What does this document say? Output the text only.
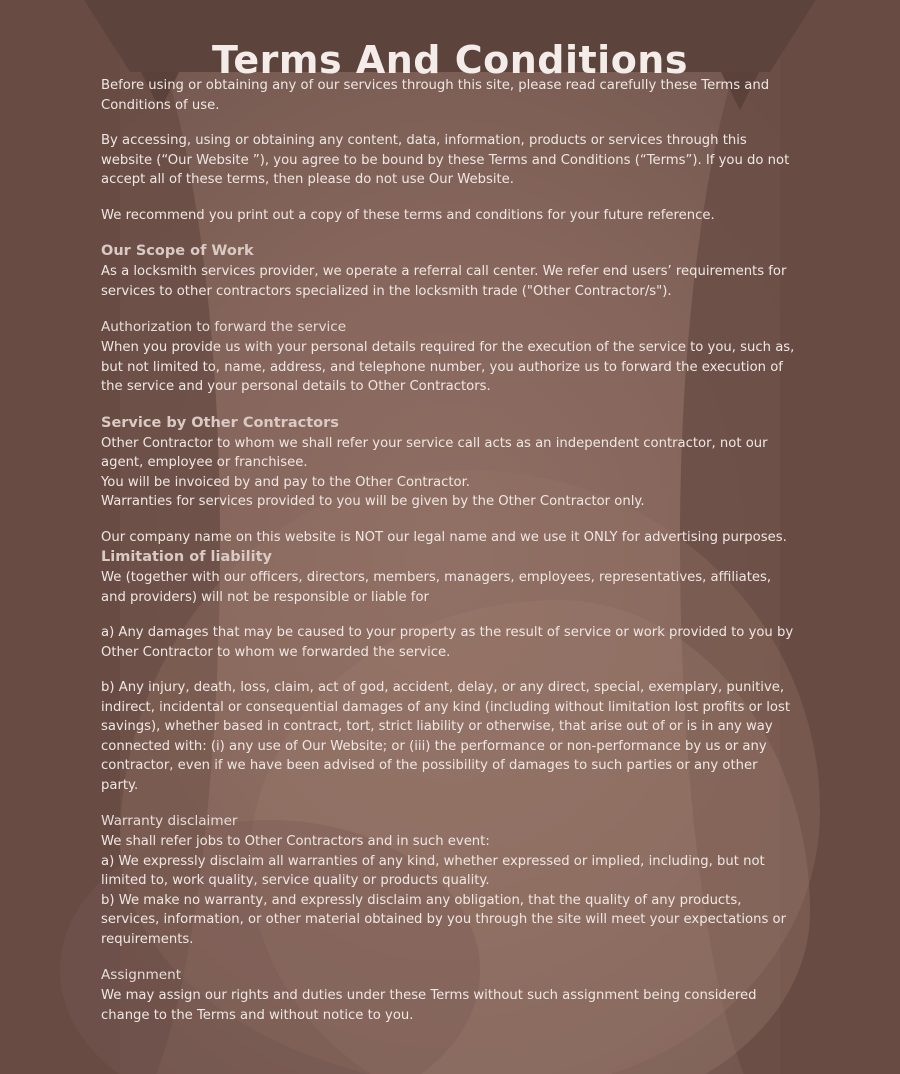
Terms And Conditions

Before using or obtaining any of our services through this site, please read carefully these Terms and Conditions of use.

By accessing, using or obtaining any content, data, information, products or services through this website (“Our Website ”), you agree to be bound by these Terms and Conditions (“Terms”). If you do not accept all of these terms, then please do not use Our Website.

We recommend you print out a copy of these terms and conditions for your future reference.

Our Scope of Work

As a locksmith services provider, we operate a referral call center. We refer end users’ requirements for services to other contractors specialized in the locksmith trade ("Other Contractor/s").

Authorization to forward the service

When you provide us with your personal details required for the execution of the service to you, such as, but not limited to, name, address, and telephone number, you authorize us to forward the execution of the service and your personal details to Other Contractors.

Service by Other Contractors

Other Contractor to whom we shall refer your service call acts as an independent contractor, not our agent, employee or franchisee.

You will be invoiced by and pay to the Other Contractor.

Warranties for services provided to you will be given by the Other Contractor only.

Our company name on this website is NOT our legal name and we use it ONLY for advertising purposes.

Limitation of liability

We (together with our officers, directors, members, managers, employees, representatives, affiliates, and providers) will not be responsible or liable for

a) Any damages that may be caused to your property as the result of service or work provided to you by Other Contractor to whom we forwarded the service.

b) Any injury, death, loss, claim, act of god, accident, delay, or any direct, special, exemplary, punitive, indirect, incidental or consequential damages of any kind (including without limitation lost profits or lost savings), whether based in contract, tort, strict liability or otherwise, that arise out of or is in any way connected with: (i) any use of Our Website; or (iii) the performance or non-performance by us or any contractor, even if we have been advised of the possibility of damages to such parties or any other party.

Warranty disclaimer

We shall refer jobs to Other Contractors and in such event:

a) We expressly disclaim all warranties of any kind, whether expressed or implied, including, but not limited to, work quality, service quality or products quality.

b) We make no warranty, and expressly disclaim any obligation, that the quality of any products, services, information, or other material obtained by you through the site will meet your expectations or requirements.

Assignment

We may assign our rights and duties under these Terms without such assignment being considered change to the Terms and without notice to you.
